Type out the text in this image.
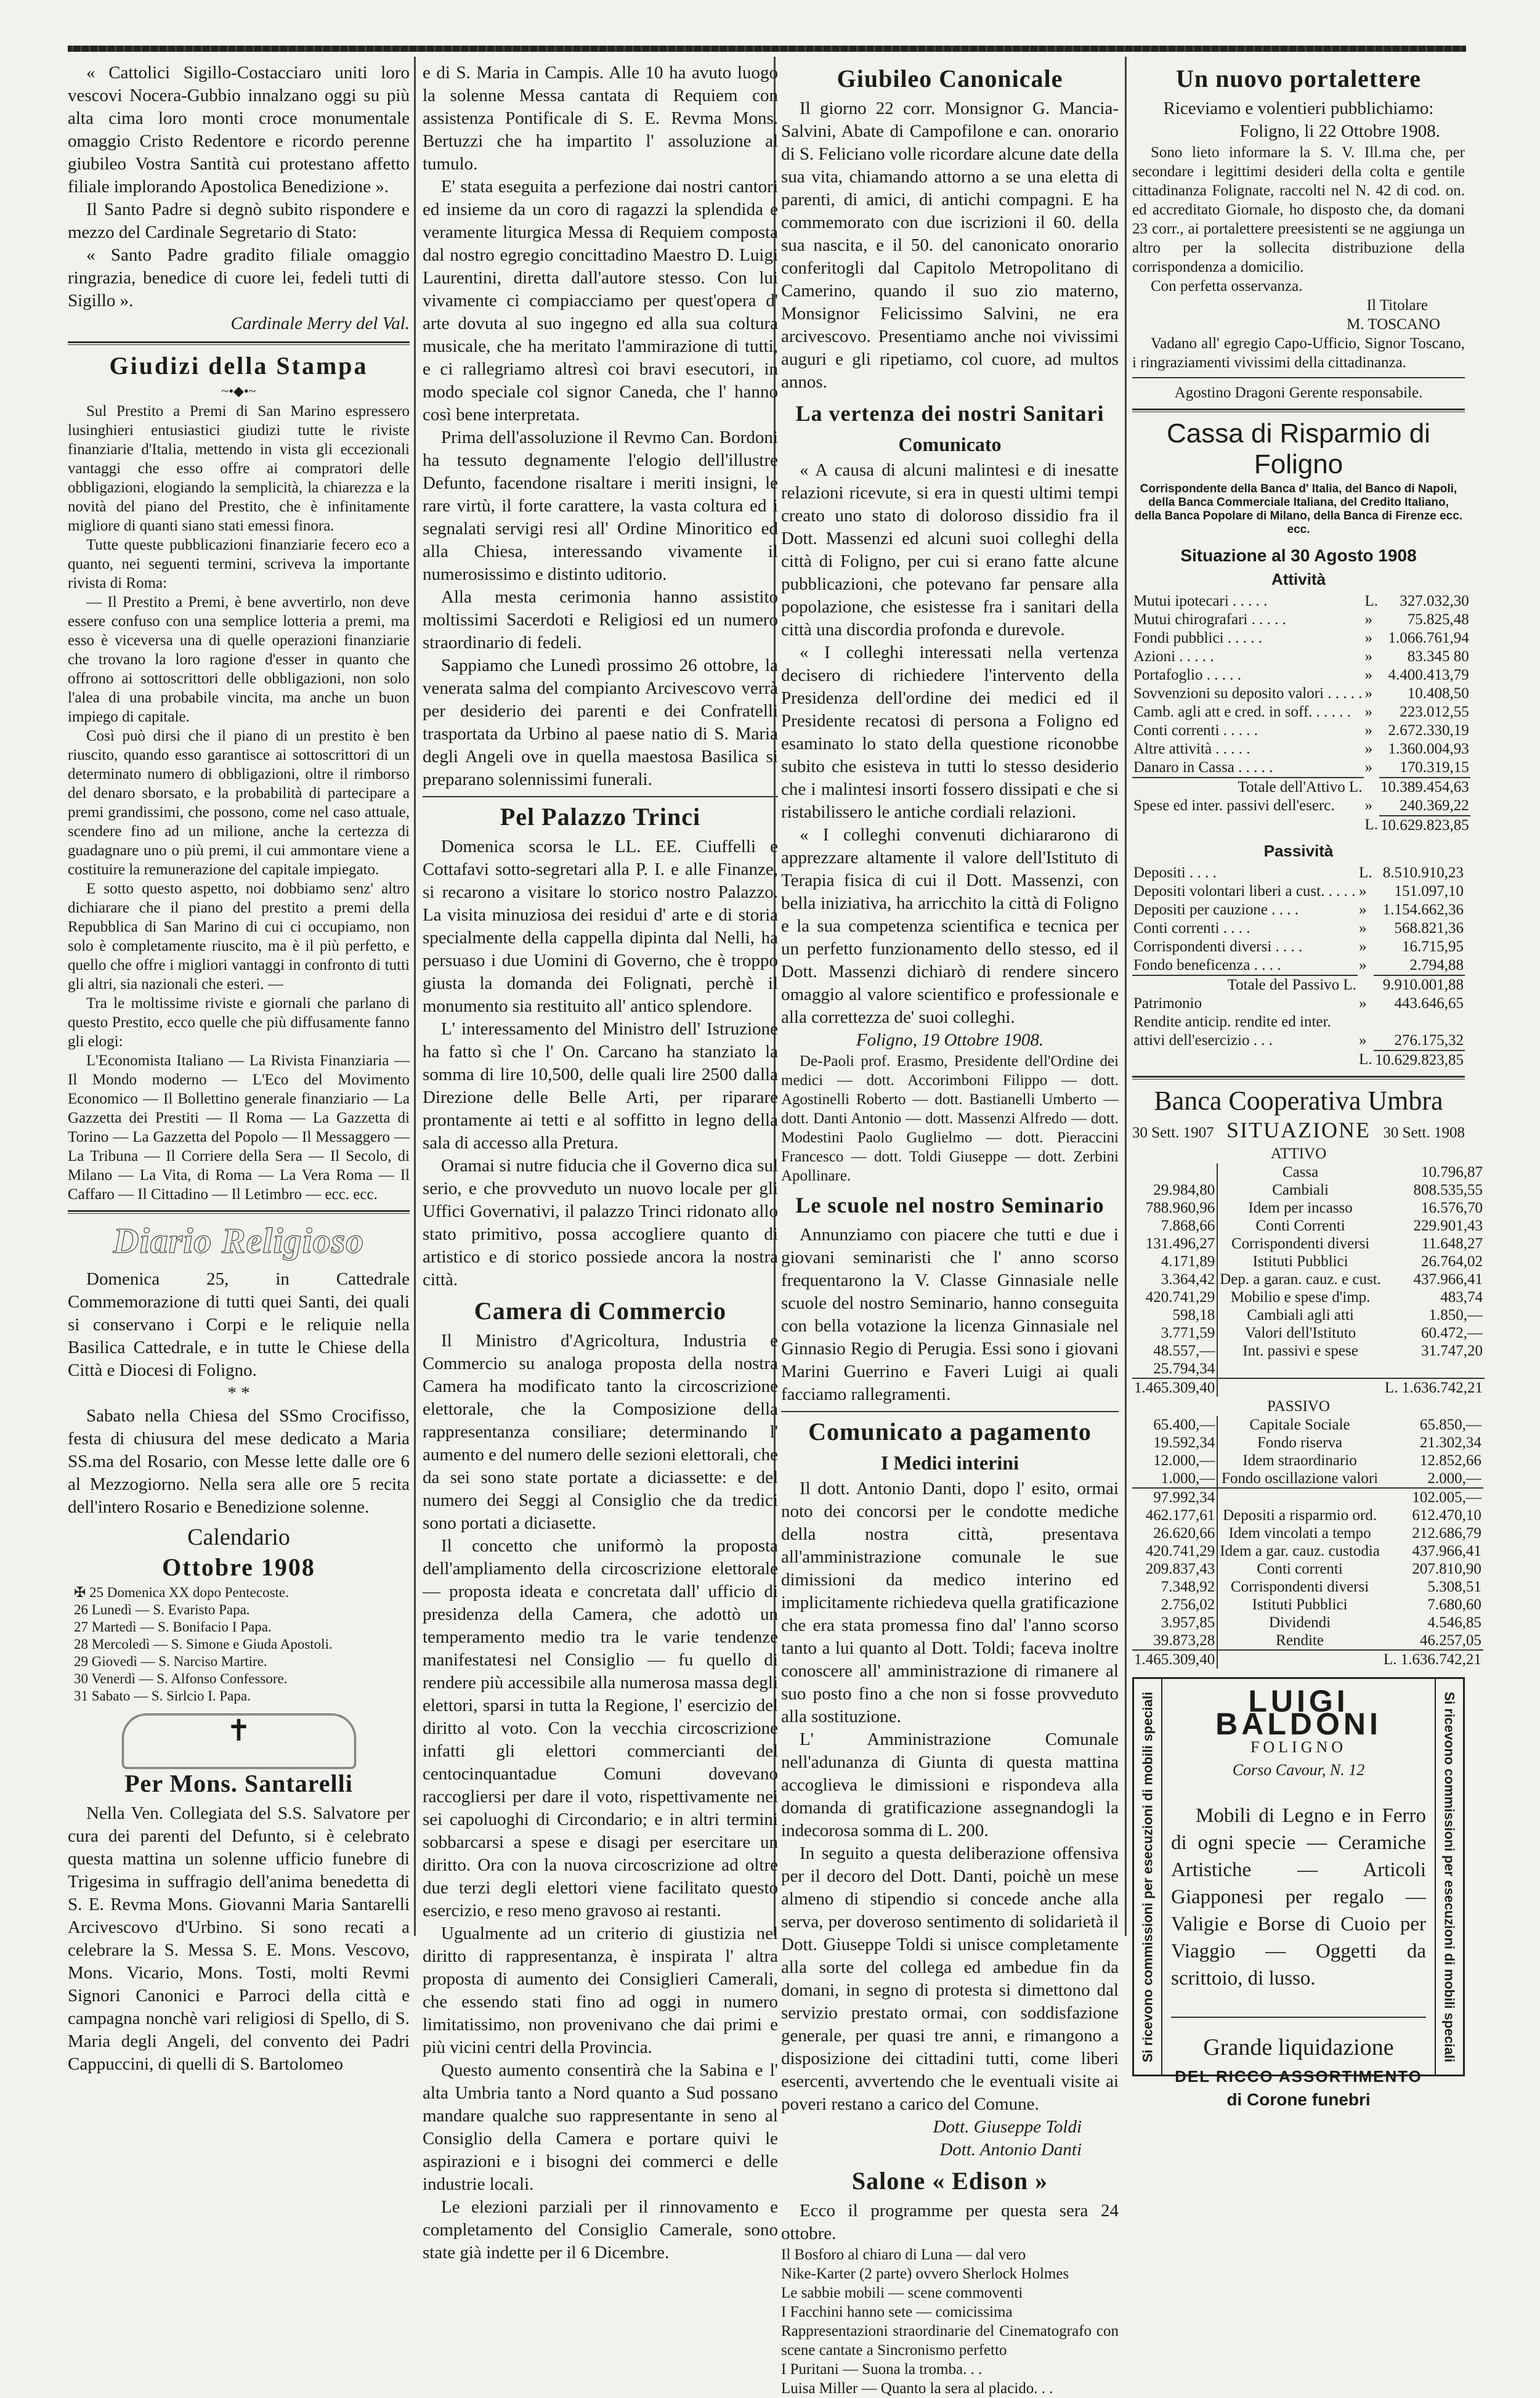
« Cattolici Sigillo-Costacciaro uniti loro vescovi Nocera-Gubbio innalzano oggi su più alta cima loro monti croce monumentale omaggio Cristo Redentore e ricordo perenne giubileo Vostra Santità cui protestano affetto filiale implorando Apostolica Benedizione ».

Il Santo Padre si degnò subito rispondere e mezzo del Cardinale Segretario di Stato:

« Santo Padre gradito filiale omaggio ringrazia, benedice di cuore lei, fedeli tutti di Sigillo ».

Cardinale Merry del Val.

Giudizi della Stampa
~•◆•~

Sul Prestito a Premi di San Marino espressero lusinghieri entusiastici giudizi tutte le riviste finanziarie d'Italia, mettendo in vista gli eccezionali vantaggi che esso offre ai compratori delle obbligazioni, elogiando la semplicità, la chiarezza e la novità del piano del Prestito, che è infinitamente migliore di quanti siano stati emessi finora.

Tutte queste pubblicazioni finanziarie fecero eco a quanto, nei seguenti termini, scriveva la importante rivista di Roma:

— Il Prestito a Premi, è bene avvertirlo, non deve essere confuso con una semplice lotteria a premi, ma esso è viceversa una di quelle operazioni finanziarie che trovano la loro ragione d'esser in quanto che offrono ai sottoscrittori delle obbligazioni, non solo l'alea di una probabile vincita, ma anche un buon impiego di capitale.

Così può dirsi che il piano di un prestito è ben riuscito, quando esso garantisce ai sottoscrittori di un determinato numero di obbligazioni, oltre il rimborso del denaro sborsato, e la probabilità di partecipare a premi grandissimi, che possono, come nel caso attuale, scendere fino ad un milione, anche la certezza di guadagnare uno o più premi, il cui ammontare viene a costituire la remunerazione del capitale impiegato.

E sotto questo aspetto, noi dobbiamo senz' altro dichiarare che il piano del prestito a premi della Repubblica di San Marino di cui ci occupiamo, non solo è completamente riuscito, ma è il più perfetto, e quello che offre i migliori vantaggi in confronto di tutti gli altri, sia nazionali che esteri. —

Tra le moltissime riviste e giornali che parlano di questo Prestito, ecco quelle che più diffusamente fanno gli elogi:

L'Economista Italiano — La Rivista Finanziaria — Il Mondo moderno — L'Eco del Movimento Economico — Il Bollettino generale finanziario — La Gazzetta dei Prestiti — Il Roma — La Gazzetta di Torino — La Gazzetta del Popolo — Il Messaggero — La Tribuna — Il Corriere della Sera — Il Secolo, di Milano — La Vita, di Roma — La Vera Roma — Il Caffaro — Il Cittadino — Il Letimbro — ecc. ecc.

Diario Religioso

Domenica 25, in Cattedrale Commemorazione di tutti quei Santi, dei quali si conservano i Corpi e le reliquie nella Basilica Cattedrale, e in tutte le Chiese della Città e Diocesi di Foligno.

* *

Sabato nella Chiesa del SSmo Crocifisso, festa di chiusura del mese dedicato a Maria SS.ma del Rosario, con Messe lette dalle ore 6 al Mezzogiorno. Nella sera alle ore 5 recita dell'intero Rosario e Benedizione solenne.

Calendario
Ottobre 1908
✠ 25 Domenica XX dopo Pentecoste.
26 Lunedì — S. Evaristo Papa.
27 Martedì — S. Bonifacio I Papa.
28 Mercoledì — S. Simone e Giuda Apostoli.
29 Giovedì — S. Narciso Martire.
30 Venerdì — S. Alfonso Confessore.
31 Sabato — S. Sirlcio I. Papa.
✝
Per Mons. Santarelli

Nella Ven. Collegiata del S.S. Salvatore per cura dei parenti del Defunto, si è celebrato questa mattina un solenne ufficio funebre di Trigesima in suffragio dell'anima benedetta di S. E. Revma Mons. Giovanni Maria Santarelli Arcivescovo d'Urbino. Si sono recati a celebrare la S. Messa S. E. Mons. Vescovo, Mons. Vicario, Mons. Tosti, molti Revmi Signori Canonici e Parroci della città e campagna nonchè vari religiosi di Spello, di S. Maria degli Angeli, del convento dei Padri Cappuccini, di quelli di S. Bartolomeo

e di S. Maria in Campis. Alle 10 ha avuto luogo la solenne Messa cantata di Requiem con assistenza Pontificale di S. E. Revma Mons. Bertuzzi che ha impartito l' assoluzione al tumulo.

E' stata eseguita a perfezione dai nostri cantori ed insieme da un coro di ragazzi la splendida e veramente liturgica Messa di Requiem composta dal nostro egregio concittadino Maestro D. Luigi Laurentini, diretta dall'autore stesso. Con lui vivamente ci compiacciamo per quest'opera d' arte dovuta al suo ingegno ed alla sua coltura musicale, che ha meritato l'ammirazione di tutti, e ci rallegriamo altresì coi bravi esecutori, in modo speciale col signor Caneda, che l' hanno così bene interpretata.

Prima dell'assoluzione il Revmo Can. Bordoni ha tessuto degnamente l'elogio dell'illustre Defunto, facendone risaltare i meriti insigni, le rare virtù, il forte carattere, la vasta coltura ed i segnalati servigi resi all' Ordine Minoritico ed alla Chiesa, interessando vivamente il numerosissimo e distinto uditorio.

Alla mesta cerimonia hanno assistito moltissimi Sacerdoti e Religiosi ed un numero straordinario di fedeli.

Sappiamo che Lunedì prossimo 26 ottobre, la venerata salma del compianto Arcivescovo verrà per desiderio dei parenti e dei Confratelli trasportata da Urbino al paese natio di S. Maria degli Angeli ove in quella maestosa Basilica si preparano solennissimi funerali.

Pel Palazzo Trinci

Domenica scorsa le LL. EE. Ciuffelli e Cottafavi sotto-segretari alla P. I. e alle Finanze, si recarono a visitare lo storico nostro Palazzo. La visita minuziosa dei residui d' arte e di storia specialmente della cappella dipinta dal Nelli, ha persuaso i due Uomini di Governo, che è troppo giusta la domanda dei Folignati, perchè il monumento sia restituito all' antico splendore.

L' interessamento del Ministro dell' Istruzione ha fatto sì che l' On. Carcano ha stanziato la somma di lire 10,500, delle quali lire 2500 dalla Direzione delle Belle Arti, per riparare prontamente ai tetti e al soffitto in legno della sala di accesso alla Pretura.

Oramai si nutre fiducia che il Governo dica sul serio, e che provveduto un nuovo locale per gli Uffici Governativi, il palazzo Trinci ridonato allo stato primitivo, possa accogliere quanto di artistico e di storico possiede ancora la nostra città.

Camera di Commercio

Il Ministro d'Agricoltura, Industria e Commercio su analoga proposta della nostra Camera ha modificato tanto la circoscrizione elettorale, che la Composizione della rappresentanza consiliare; determinando l' aumento e del numero delle sezioni elettorali, che da sei sono state portate a diciassette: e del numero dei Seggi al Consiglio che da tredici sono portati a diciasette.

Il concetto che uniformò la proposta dell'ampliamento della circoscrizione elettorale — proposta ideata e concretata dall' ufficio di presidenza della Camera, che adottò un temperamento medio tra le varie tendenze manifestatesi nel Consiglio — fu quello di rendere più accessibile alla numerosa massa degli elettori, sparsi in tutta la Regione, l' esercizio del diritto al voto. Con la vecchia circoscrizione infatti gli elettori commercianti del centocinquantadue Comuni dovevano raccogliersi per dare il voto, rispettivamente nei sei capoluoghi di Circondario; e in altri termini sobbarcarsi a spese e disagi per esercitare un diritto. Ora con la nuova circoscrizione ad oltre due terzi degli elettori viene facilitato questo esercizio, e reso meno gravoso ai restanti.

Ugualmente ad un criterio di giustizia nel diritto di rappresentanza, è inspirata l' altra proposta di aumento dei Consiglieri Camerali, che essendo stati fino ad oggi in numero limitatissimo, non provenivano che dai primi e più vicini centri della Provincia.

Questo aumento consentirà che la Sabina e l' alta Umbria tanto a Nord quanto a Sud possano mandare qualche suo rappresentante in seno al Consiglio della Camera e portare quivi le aspirazioni e i bisogni dei commerci e delle industrie locali.

Le elezioni parziali per il rinnovamento e completamento del Consiglio Camerale, sono state già indette per il 6 Dicembre.

Giubileo Canonicale

Il giorno 22 corr. Monsignor G. Mancia-Salvini, Abate di Campofilone e can. onorario di S. Feliciano volle ricordare alcune date della sua vita, chiamando attorno a se una eletta di parenti, di amici, di antichi compagni. E ha commemorato con due iscrizioni il 60. della sua nascita, e il 50. del canonicato onorario conferitogli dal Capitolo Metropolitano di Camerino, quando il suo zio materno, Monsignor Felicissimo Salvini, ne era arcivescovo. Presentiamo anche noi vivissimi auguri e gli ripetiamo, col cuore, ad multos annos.

La vertenza dei nostri Sanitari
Comunicato

« A causa di alcuni malintesi e di inesatte relazioni ricevute, si era in questi ultimi tempi creato uno stato di doloroso dissidio fra il Dott. Massenzi ed alcuni suoi colleghi della città di Foligno, per cui si erano fatte alcune pubblicazioni, che potevano far pensare alla popolazione, che esistesse fra i sanitari della città una discordia profonda e durevole.

« I colleghi interessati nella vertenza decisero di richiedere l'intervento della Presidenza dell'ordine dei medici ed il Presidente recatosi di persona a Foligno ed esaminato lo stato della questione riconobbe subito che esisteva in tutti lo stesso desiderio che i malintesi insorti fossero dissipati e che si ristabilissero le antiche cordiali relazioni.

« I colleghi convenuti dichiararono di apprezzare altamente il valore dell'Istituto di Terapia fisica di cui il Dott. Massenzi, con bella iniziativa, ha arricchito la città di Foligno e la sua competenza scientifica e tecnica per un perfetto funzionamento dello stesso, ed il Dott. Massenzi dichiarò di rendere sincero omaggio al valore scientifico e professionale e alla correttezza de' suoi colleghi.

Foligno, 19 Ottobre 1908.

De-Paoli prof. Erasmo, Presidente dell'Ordine dei medici — dott. Accorimboni Filippo — dott. Agostinelli Roberto — dott. Bastianelli Umberto — dott. Danti Antonio — dott. Massenzi Alfredo — dott. Modestini Paolo Guglielmo — dott. Pieraccini Francesco — dott. Toldi Giuseppe — dott. Zerbini Apollinare.

Le scuole nel nostro Seminario

Annunziamo con piacere che tutti e due i giovani seminaristi che l' anno scorso frequentarono la V. Classe Ginnasiale nelle scuole del nostro Seminario, hanno conseguita con bella votazione la licenza Ginnasiale nel Ginnasio Regio di Perugia. Essi sono i giovani Marini Guerrino e Faveri Luigi ai quali facciamo rallegramenti.

Comunicato a pagamento
I Medici interini

Il dott. Antonio Danti, dopo l' esito, ormai noto dei concorsi per le condotte mediche della nostra città, presentava all'amministrazione comunale le sue dimissioni da medico interino ed implicitamente richiedeva quella gratificazione che era stata promessa fino dal' l'anno scorso tanto a lui quanto al Dott. Toldi; faceva inoltre conoscere all' amministrazione di rimanere al suo posto fino a che non si fosse provveduto alla sostituzione.

L' Amministrazione Comunale nell'adunanza di Giunta di questa mattina accoglieva le dimissioni e rispondeva alla domanda di gratificazione assegnandogli la indecorosa somma di L. 200.

In seguito a questa deliberazione offensiva per il decoro del Dott. Danti, poichè un mese almeno di stipendio si concede anche alla serva, per doveroso sentimento di solidarietà il Dott. Giuseppe Toldi si unisce completamente alla sorte del collega ed ambedue fin da domani, in segno di protesta si dimettono dal servizio prestato ormai, con soddisfazione generale, per quasi tre anni, e rimangono a disposizione dei cittadini tutti, come liberi esercenti, avvertendo che le eventuali visite ai poveri restano a carico del Comune.

Dott. Giuseppe Toldi

Dott. Antonio Danti

Salone « Edison »

Ecco il programme per questa sera 24 ottobre.

Il Bosforo al chiaro di Luna — dal vero

Nike-Karter (2 parte) ovvero Sherlock Holmes

Le sabbie mobili — scene commoventi

I Facchini hanno sete — comicissima

Rappresentazioni straordinarie del Cinematografo con scene cantate a Sincronismo perfetto

I Puritani — Suona la tromba. . .

Luisa Miller — Quanto la sera al placido. . .

Un nuovo portalettere

Riceviamo e volentieri pubblichiamo:

Foligno, li 22 Ottobre 1908.

Sono lieto informare la S. V. Ill.ma che, per secondare i legittimi desideri della colta e gentile cittadinanza Folignate, raccolti nel N. 42 di cod. on. ed accreditato Giornale, ho disposto che, da domani 23 corr., ai portalettere preesistenti se ne aggiunga un altro per la sollecita distribuzione della corrispondenza a domicilio.

Con perfetta osservanza.

Il Titolare

M. TOSCANO

Vadano all' egregio Capo-Ufficio, Signor Toscano, i ringraziamenti vivissimi della cittadinanza.

Agostino Dragoni Gerente responsabile.

Cassa di Risparmio di Foligno
Corrispondente della Banca d' Italia, del Banco di Napoli,
della Banca Commerciale Italiana, del Credito Italiano,
della Banca Popolare di Milano, della Banca di Firenze ecc. ecc.
Situazione al 30 Agosto 1908
Attività
Mutui ipotecari . . . . .	L.	327.032,30
Mutui chirografari . . . . .	»	75.825,48
Fondi pubblici . . . . .	»	1.066.761,94
Azioni . . . . .	»	83.345 80
Portafoglio . . . . .	»	4.400.413,79
Sovvenzioni su deposito valori . . . . .	»	10.408,50
Camb. agli att e cred. in soff. . . . . .	»	223.012,55
Conti correnti . . . . .	»	2.672.330,19
Altre attività . . . . .	»	1.360.004,93
Danaro in Cassa . . . . .	»	170.319,15
Totale dell'Attivo L.		10.389.454,63
Spese ed inter. passivi dell'eserc.	»	240.369,22
	L.	10.629.823,85
Passività
Depositi . . . .	L.	8.510.910,23
Depositi volontari liberi a cust. . . . .	»	151.097,10
Depositi per cauzione . . . .	»	1.154.662,36
Conti correnti . . . .	»	568.821,36
Corrispondenti diversi . . . .	»	16.715,95
Fondo beneficenza . . . .	»	2.794,88
Totale del Passivo L.		9.910.001,88
Patrimonio	»	443.646,65
Rendite anticip. rendite ed inter.		
attivi dell'esercizio . . .	»	276.175,32
	L.	10.629.823,85
Banca Cooperativa Umbra
30 Sett. 1907 SITUAZIONE 30 Sett. 1908
ATTIVO
	Cassa	10.796,87
29.984,80	Cambiali	808.535,55
788.960,96	Idem per incasso	16.576,70
7.868,66	Conti Correnti	229.901,43
131.496,27	Corrispondenti diversi	11.648,27
4.171,89	Istituti Pubblici	26.764,02
3.364,42	Dep. a garan. cauz. e cust.	437.966,41
420.741,29	Mobilio e spese d'imp.	483,74
598,18	Cambiali agli atti	1.850,—
3.771,59	Valori dell'Istituto	60.472,—
48.557,—	Int. passivi e spese	31.747,20
25.794,34		
1.465.309,40		L. 1.636.742,21
PASSIVO
65.400,—	Capitale Sociale	65.850,—
19.592,34	Fondo riserva	21.302,34
12.000,—	Idem straordinario	12.852,66
1.000,—	Fondo oscillazione valori	2.000,—
97.992,34		102.005,—
462.177,61	Depositi a risparmio ord.	612.470,10
26.620,66	Idem vincolati a tempo	212.686,79
420.741,29	Idem a gar. cauz. custodia	437.966,41
209.837,43	Conti correnti	207.810,90
7.348,92	Corrispondenti diversi	5.308,51
2.756,02	Istituti Pubblici	7.680,60
3.957,85	Dividendi	4.546,85
39.873,28	Rendite	46.257,05
1.465.309,40		L. 1.636.742,21
Si ricevono commissioni per esecuzioni di mobili speciali	Si ricevono commissioni per esecuzioni di mobili speciali
LUIGI BALDONI
FOLIGNO
Corso Cavour, N. 12
Mobili di Legno e in Ferro di ogni specie — Ceramiche Artistiche — Articoli Giapponesi per regalo — Valigie e Borse di Cuoio per Viaggio — Oggetti da scrittoio, di lusso.
Grande liquidazione
DEL RICCO ASSORTIMENTO
di Corone funebri
